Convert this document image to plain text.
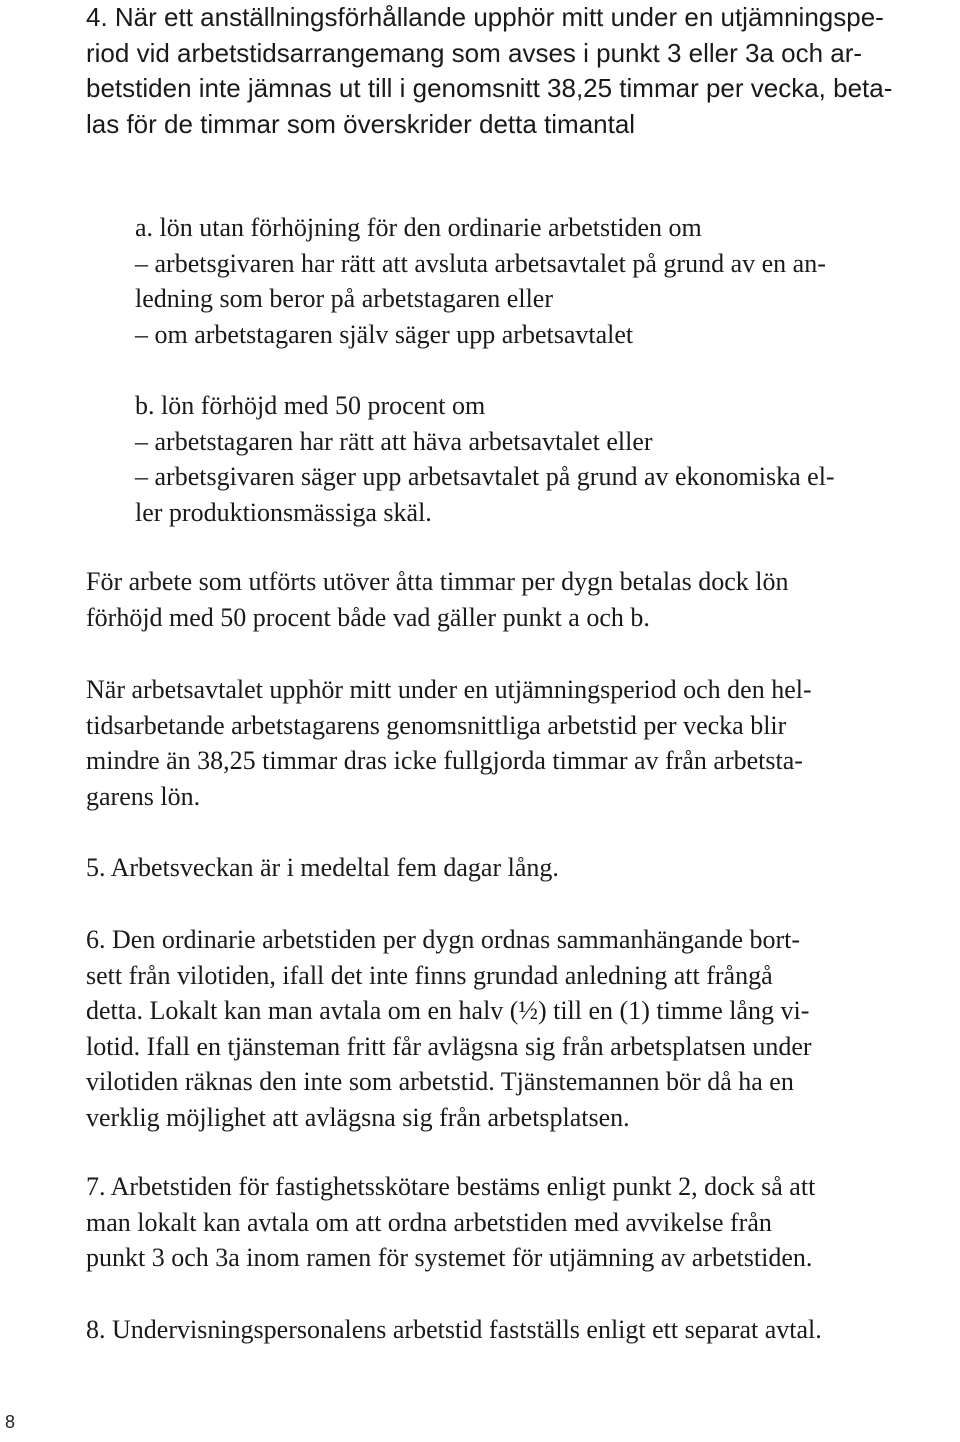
4. När ett anställningsförhållande upphör mitt under en utjämningspe-
riod vid arbetstidsarrangemang som avses i punkt 3 eller 3a och ar-
betstiden inte jämnas ut till i genomsnitt 38,25 timmar per vecka, beta-
las för de timmar som överskrider detta timantal
a. lön utan förhöjning för den ordinarie arbetstiden om
– arbetsgivaren har rätt att avsluta arbetsavtalet på grund av en an-
ledning som beror på arbetstagaren eller
– om arbetstagaren själv säger upp arbetsavtalet
b. lön förhöjd med 50 procent om
– arbetstagaren har rätt att häva arbetsavtalet eller
– arbetsgivaren säger upp arbetsavtalet på grund av ekonomiska el-
ler produktionsmässiga skäl.
För arbete som utförts utöver åtta timmar per dygn betalas dock lön
förhöjd med 50 procent både vad gäller punkt a och b.
När arbetsavtalet upphör mitt under en utjämningsperiod och den hel-
tidsarbetande arbetstagarens genomsnittliga arbetstid per vecka blir
mindre än 38,25 timmar dras icke fullgjorda timmar av från arbetsta-
garens lön.
5. Arbetsveckan är i medeltal fem dagar lång.
6. Den ordinarie arbetstiden per dygn ordnas sammanhängande bort-
sett från vilotiden, ifall det inte finns grundad anledning att frångå
detta. Lokalt kan man avtala om en halv (½) till en (1) timme lång vi-
lotid. Ifall en tjänsteman fritt får avlägsna sig från arbetsplatsen under
vilotiden räknas den inte som arbetstid. Tjänstemannen bör då ha en
verklig möjlighet att avlägsna sig från arbetsplatsen.
7. Arbetstiden för fastighetsskötare bestäms enligt punkt 2, dock så att
man lokalt kan avtala om att ordna arbetstiden med avvikelse från
punkt 3 och 3a inom ramen för systemet för utjämning av arbetstiden.
8. Undervisningspersonalens arbetstid fastställs enligt ett separat avtal.
8
